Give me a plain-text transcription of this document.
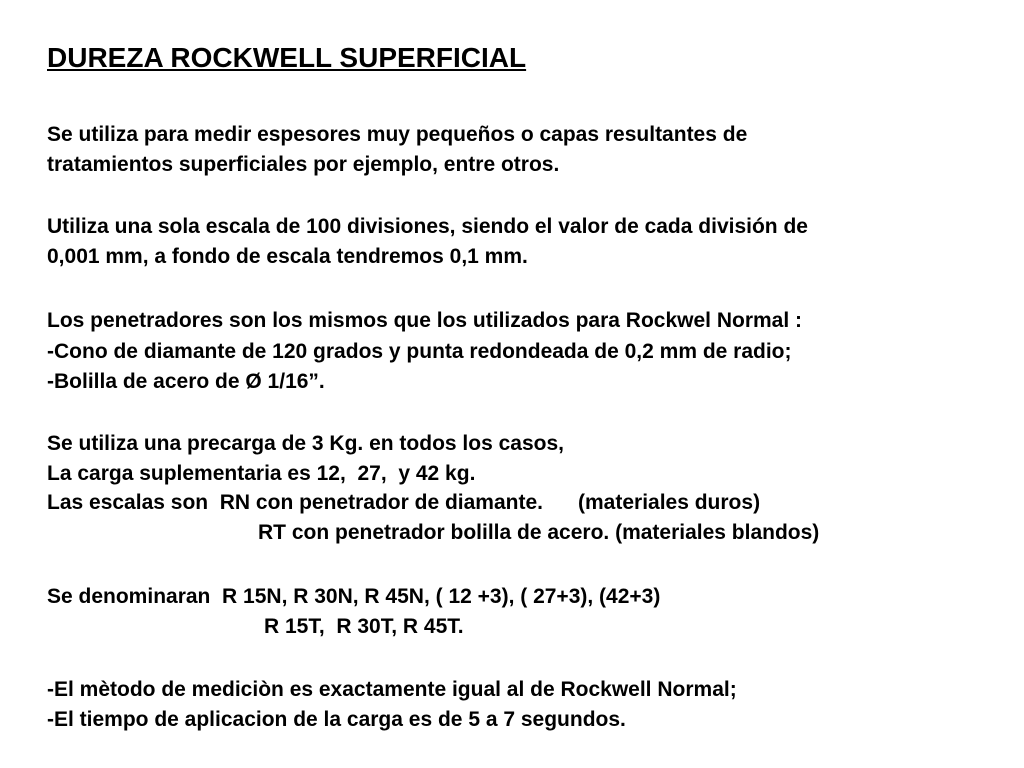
DUREZA ROCKWELL SUPERFICIAL
Se utiliza para medir espesores muy pequeños o capas resultantes de
tratamientos superficiales por ejemplo, entre otros.
Utiliza una sola escala de 100 divisiones, siendo el valor de cada división de
0,001 mm, a fondo de escala tendremos 0,1 mm.
Los penetradores son los mismos que los utilizados para Rockwel Normal :
-Cono de diamante de 120 grados y punta redondeada de 0,2 mm de radio;
-Bolilla de acero de Ø 1/16”.
Se utiliza una precarga de 3 Kg. en todos los casos,
La carga suplementaria es 12,  27,  y 42 kg.
Las escalas son  RN con penetrador de diamante.      (materiales duros)
RT con penetrador bolilla de acero. (materiales blandos)
Se denominaran  R 15N, R 30N, R 45N, ( 12 +3), ( 27+3), (42+3)
R 15T,  R 30T, R 45T.
-El mètodo de mediciòn es exactamente igual al de Rockwell Normal;
-El tiempo de aplicacion de la carga es de 5 a 7 segundos.
